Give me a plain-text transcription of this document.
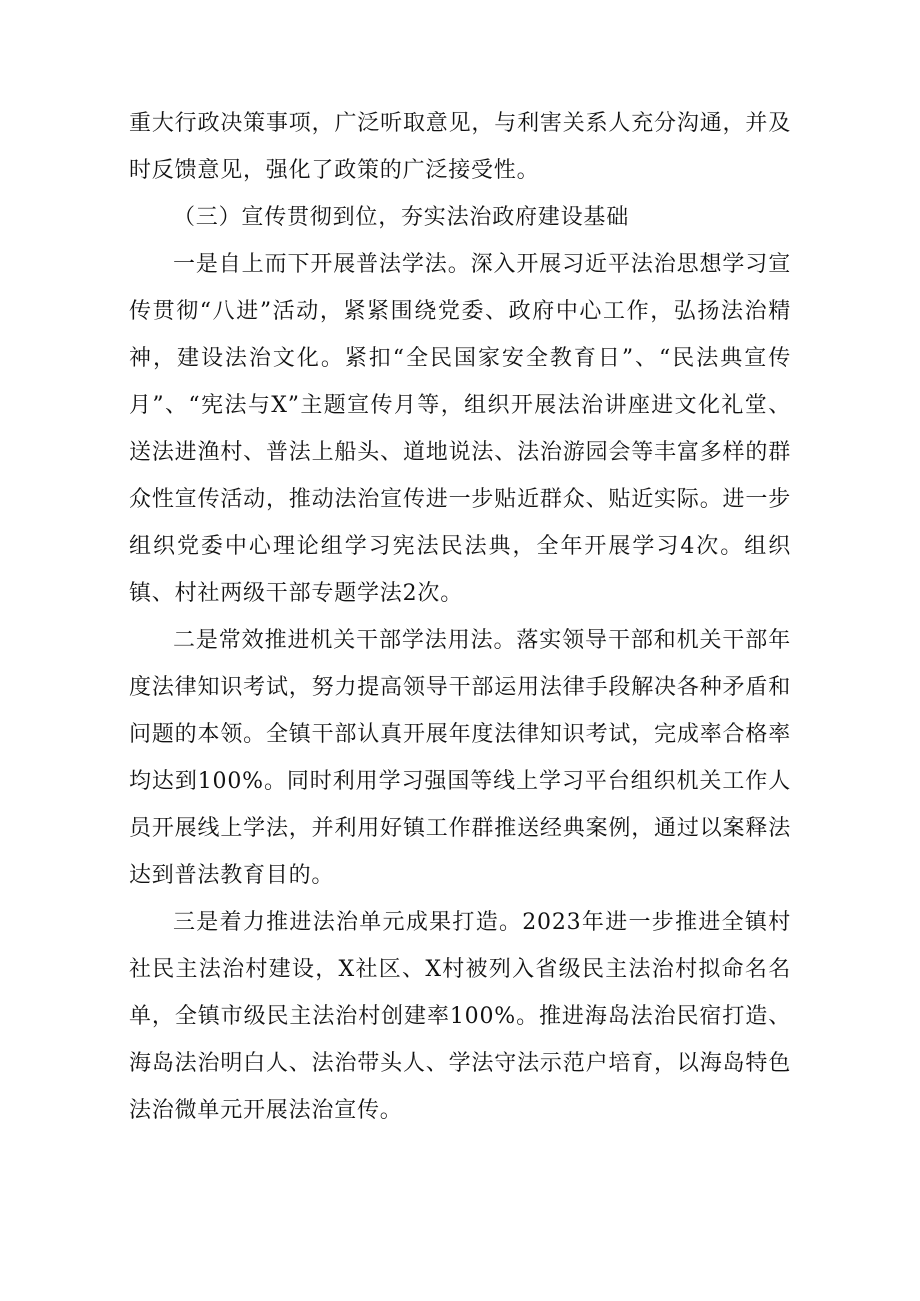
重大行政决策事项，广泛听取意见，与利害关系人充分沟通，并及时反馈意见，强化了政策的广泛接受性。

（三）宣传贯彻到位，夯实法治政府建设基础

一是自上而下开展普法学法。深入开展习近平法治思想学习宣传贯彻“八进”活动，紧紧围绕党委、政府中心工作，弘扬法治精神，建设法治文化。紧扣“全民国家安全教育日”、“民法典宣传月”、“宪法与X”主题宣传月等，组织开展法治讲座进文化礼堂、送法进渔村、普法上船头、道地说法、法治游园会等丰富多样的群众性宣传活动，推动法治宣传进一步贴近群众、贴近实际。进一步组织党委中心理论组学习宪法民法典，全年开展学习4次。组织镇、村社两级干部专题学法2次。

二是常效推进机关干部学法用法。落实领导干部和机关干部年度法律知识考试，努力提高领导干部运用法律手段解决各种矛盾和问题的本领。全镇干部认真开展年度法律知识考试，完成率合格率均达到100%。同时利用学习强国等线上学习平台组织机关工作人员开展线上学法，并利用好镇工作群推送经典案例，通过以案释法达到普法教育目的。

三是着力推进法治单元成果打造。2023年进一步推进全镇村社民主法治村建设，X社区、X村被列入省级民主法治村拟命名名单，全镇市级民主法治村创建率100%。推进海岛法治民宿打造、海岛法治明白人、法治带头人、学法守法示范户培育，以海岛特色法治微单元开展法治宣传。
